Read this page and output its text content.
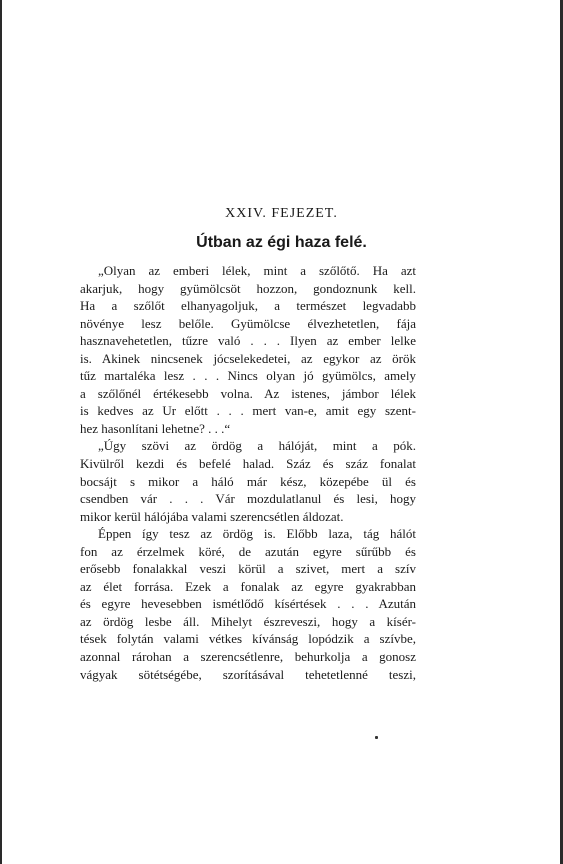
XXIV. FEJEZET.
Útban az égi haza felé.
„Olyan az emberi lélek, mint a szőlőtő. Ha azt
akarjuk, hogy gyümölcsöt hozzon, gondoznunk kell.
Ha a szőlőt elhanyagoljuk, a természet legvadabb
növénye lesz belőle. Gyümölcse élvezhetetlen, fája
hasznavehetetlen, tűzre való . . . Ilyen az ember lelke
is. Akinek nincsenek jócselekedetei, az egykor az örök
tűz martaléka lesz . . . Nincs olyan jó gyümölcs, amely
a szőlőnél értékesebb volna. Az istenes, jámbor lélek
is kedves az Ur előtt . . . mert van-e, amit egy szent-
hez hasonlítani lehetne? . . .“
„Úgy szövi az ördög a hálóját, mint a pók.
Kivülről kezdi és befelé halad. Száz és száz fonalat
bocsájt s mikor a háló már kész, közepébe ül és
csendben vár . . . Vár mozdulatlanul és lesi, hogy
mikor kerül hálójába valami szerencsétlen áldozat.
Éppen így tesz az ördög is. Előbb laza, tág hálót
fon az érzelmek köré, de azután egyre sűrűbb és
erősebb fonalakkal veszi körül a szivet, mert a szív
az élet forrása. Ezek a fonalak az egyre gyakrabban
és egyre hevesebben ismétlődő kísértések . . . Azután
az ördög lesbe áll. Mihelyt észreveszi, hogy a kísér-
tések folytán valami vétkes kívánság lopódzik a szívbe,
azonnal rárohan a szerencsétlenre, behurkolja a gonosz
vágyak sötétségébe, szorításával tehetetlenné teszi,
